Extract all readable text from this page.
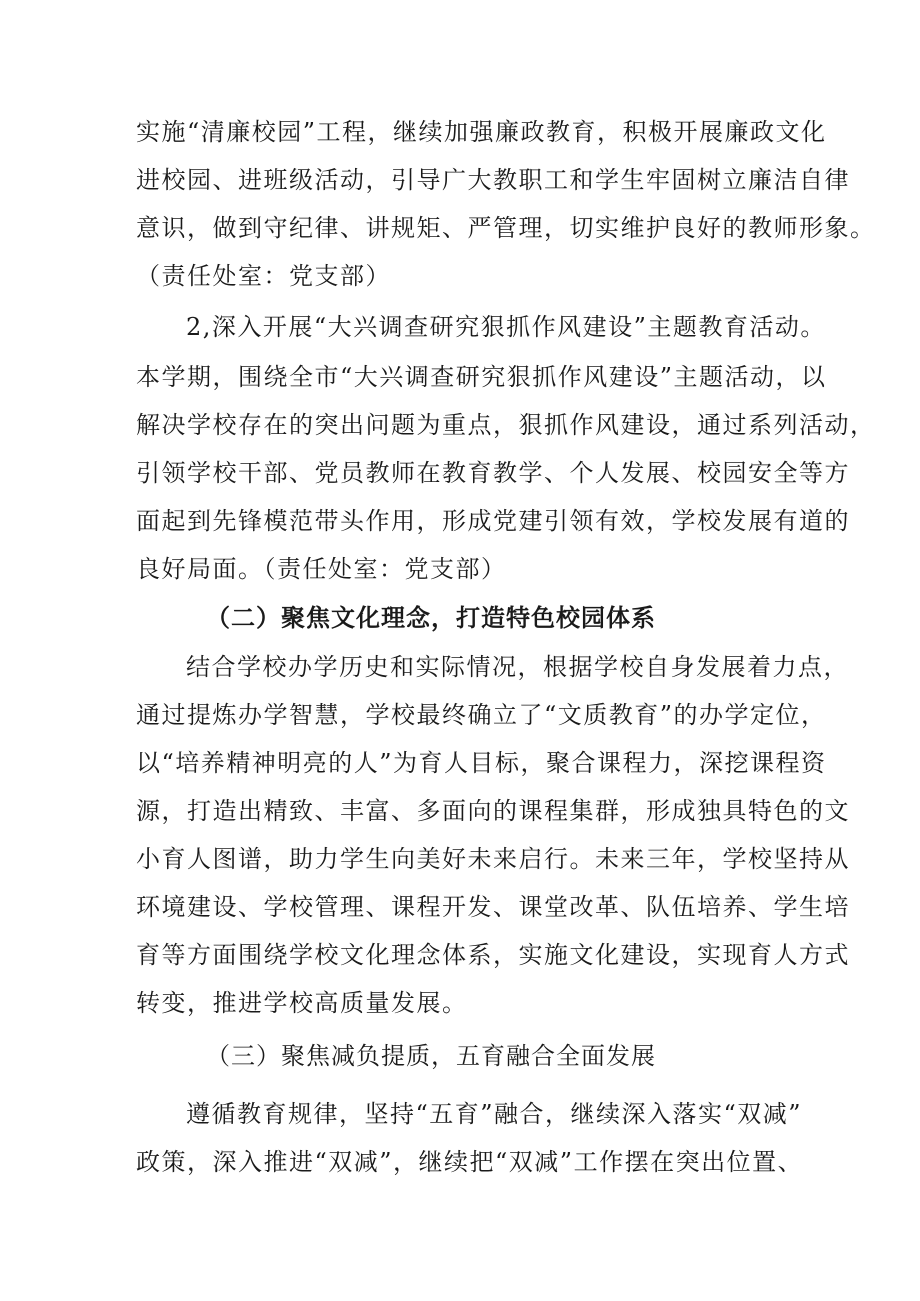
实施“清廉校园”工程，继续加强廉政教育，积极开展廉政文化
进校园、进班级活动，引导广大教职工和学生牢固树立廉洁自律
意识，做到守纪律、讲规矩、严管理，切实维护良好的教师形象。
（责任处室：党支部）
2,深入开展“大兴调查研究狠抓作风建设”主题教育活动。
本学期，围绕全市“大兴调查研究狠抓作风建设”主题活动，以
解决学校存在的突出问题为重点，狠抓作风建设，通过系列活动，
引领学校干部、党员教师在教育教学、个人发展、校园安全等方
面起到先锋模范带头作用，形成党建引领有效，学校发展有道的
良好局面。（责任处室：党支部）
（二）聚焦文化理念，打造特色校园体系
结合学校办学历史和实际情况，根据学校自身发展着力点，
通过提炼办学智慧，学校最终确立了“文质教育”的办学定位，
以“培养精神明亮的人”为育人目标，聚合课程力，深挖课程资
源，打造出精致、丰富、多面向的课程集群，形成独具特色的文
小育人图谱，助力学生向美好未来启行。未来三年，学校坚持从
环境建设、学校管理、课程开发、课堂改革、队伍培养、学生培
育等方面围绕学校文化理念体系，实施文化建设，实现育人方式
转变，推进学校高质量发展。
（三）聚焦减负提质，五育融合全面发展
遵循教育规律，坚持“五育”融合，继续深入落实“双减”
政策，深入推进“双减”，继续把“双减”工作摆在突出位置、
